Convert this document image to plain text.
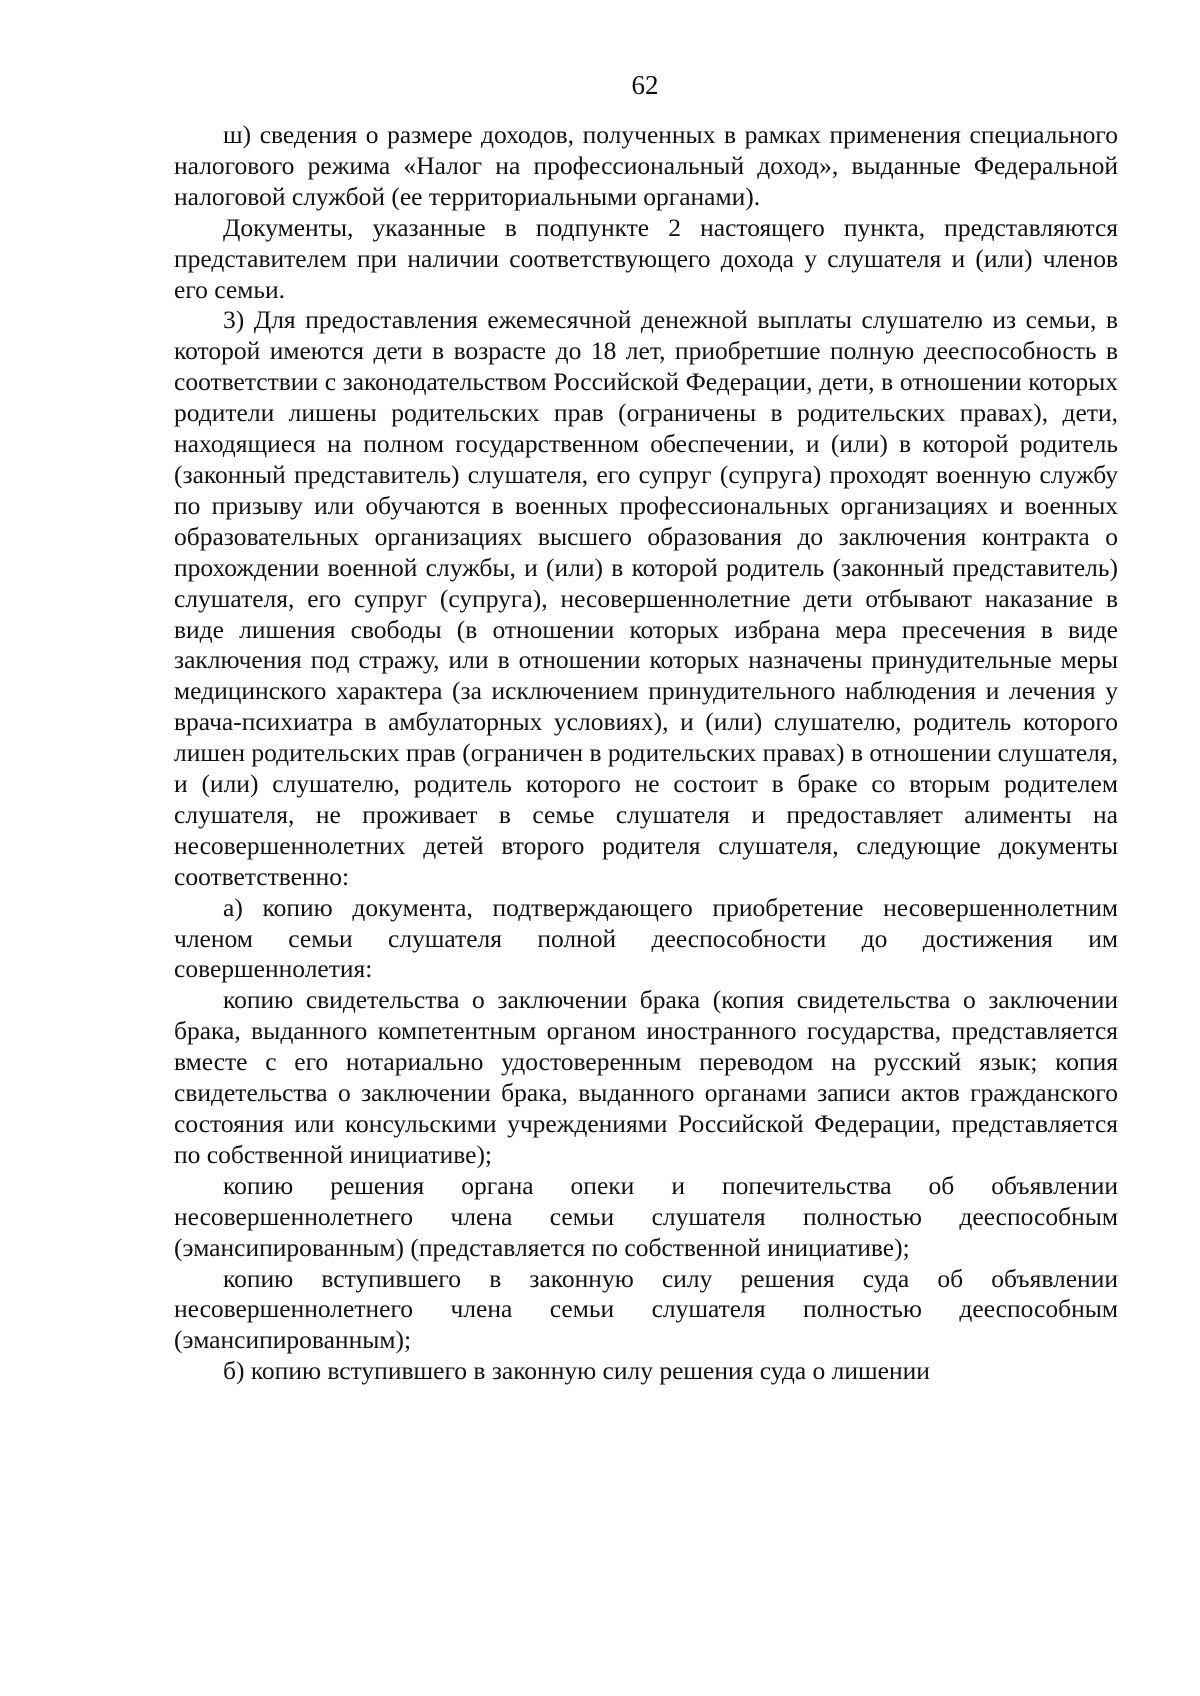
62

ш) сведения о размере доходов, полученных в рамках применения специального налогового режима «Налог на профессиональный доход», выданные Федеральной налоговой службой (ее территориальными органами).

Документы, указанные в подпункте 2 настоящего пункта, представляются представителем при наличии соответствующего дохода у слушателя и (или) членов его семьи.

3) Для предоставления ежемесячной денежной выплаты слушателю из семьи, в которой имеются дети в возрасте до 18 лет, приобретшие полную дееспособность в соответствии с законодательством Российской Федерации, дети, в отношении которых родители лишены родительских прав (ограничены в родительских правах), дети, находящиеся на полном государственном обеспечении, и (или) в которой родитель (законный представитель) слушателя, его супруг (супруга) проходят военную службу по призыву или обучаются в военных профессиональных организациях и военных образовательных организациях высшего образования до заключения контракта о прохождении военной службы, и (или) в которой родитель (законный представитель) слушателя, его супруг (супруга), несовершеннолетние дети отбывают наказание в виде лишения свободы (в отношении которых избрана мера пресечения в виде заключения под стражу, или в отношении которых назначены принудительные меры медицинского характера (за исключением принудительного наблюдения и лечения у врача-психиатра в амбулаторных условиях), и (или) слушателю, родитель которого лишен родительских прав (ограничен в родительских правах) в отношении слушателя, и (или) слушателю, родитель которого не состоит в браке со вторым родителем слушателя, не проживает в семье слушателя и предоставляет алименты на несовершеннолетних детей второго родителя слушателя, следующие документы соответственно:

а) копию документа, подтверждающего приобретение несовершеннолетним членом семьи слушателя полной дееспособности до достижения им совершеннолетия:

копию свидетельства о заключении брака (копия свидетельства о заключении брака, выданного компетентным органом иностранного государства, представляется вместе с его нотариально удостоверенным переводом на русский язык; копия свидетельства о заключении брака, выданного органами записи актов гражданского состояния или консульскими учреждениями Российской Федерации, представляется по собственной инициативе);

копию решения органа опеки и попечительства об объявлении несовершеннолетнего члена семьи слушателя полностью дееспособным (эмансипированным) (представляется по собственной инициативе);

копию вступившего в законную силу решения суда об объявлении несовершеннолетнего члена семьи слушателя полностью дееспособным (эмансипированным);

б) копию вступившего в законную силу решения суда о лишении
